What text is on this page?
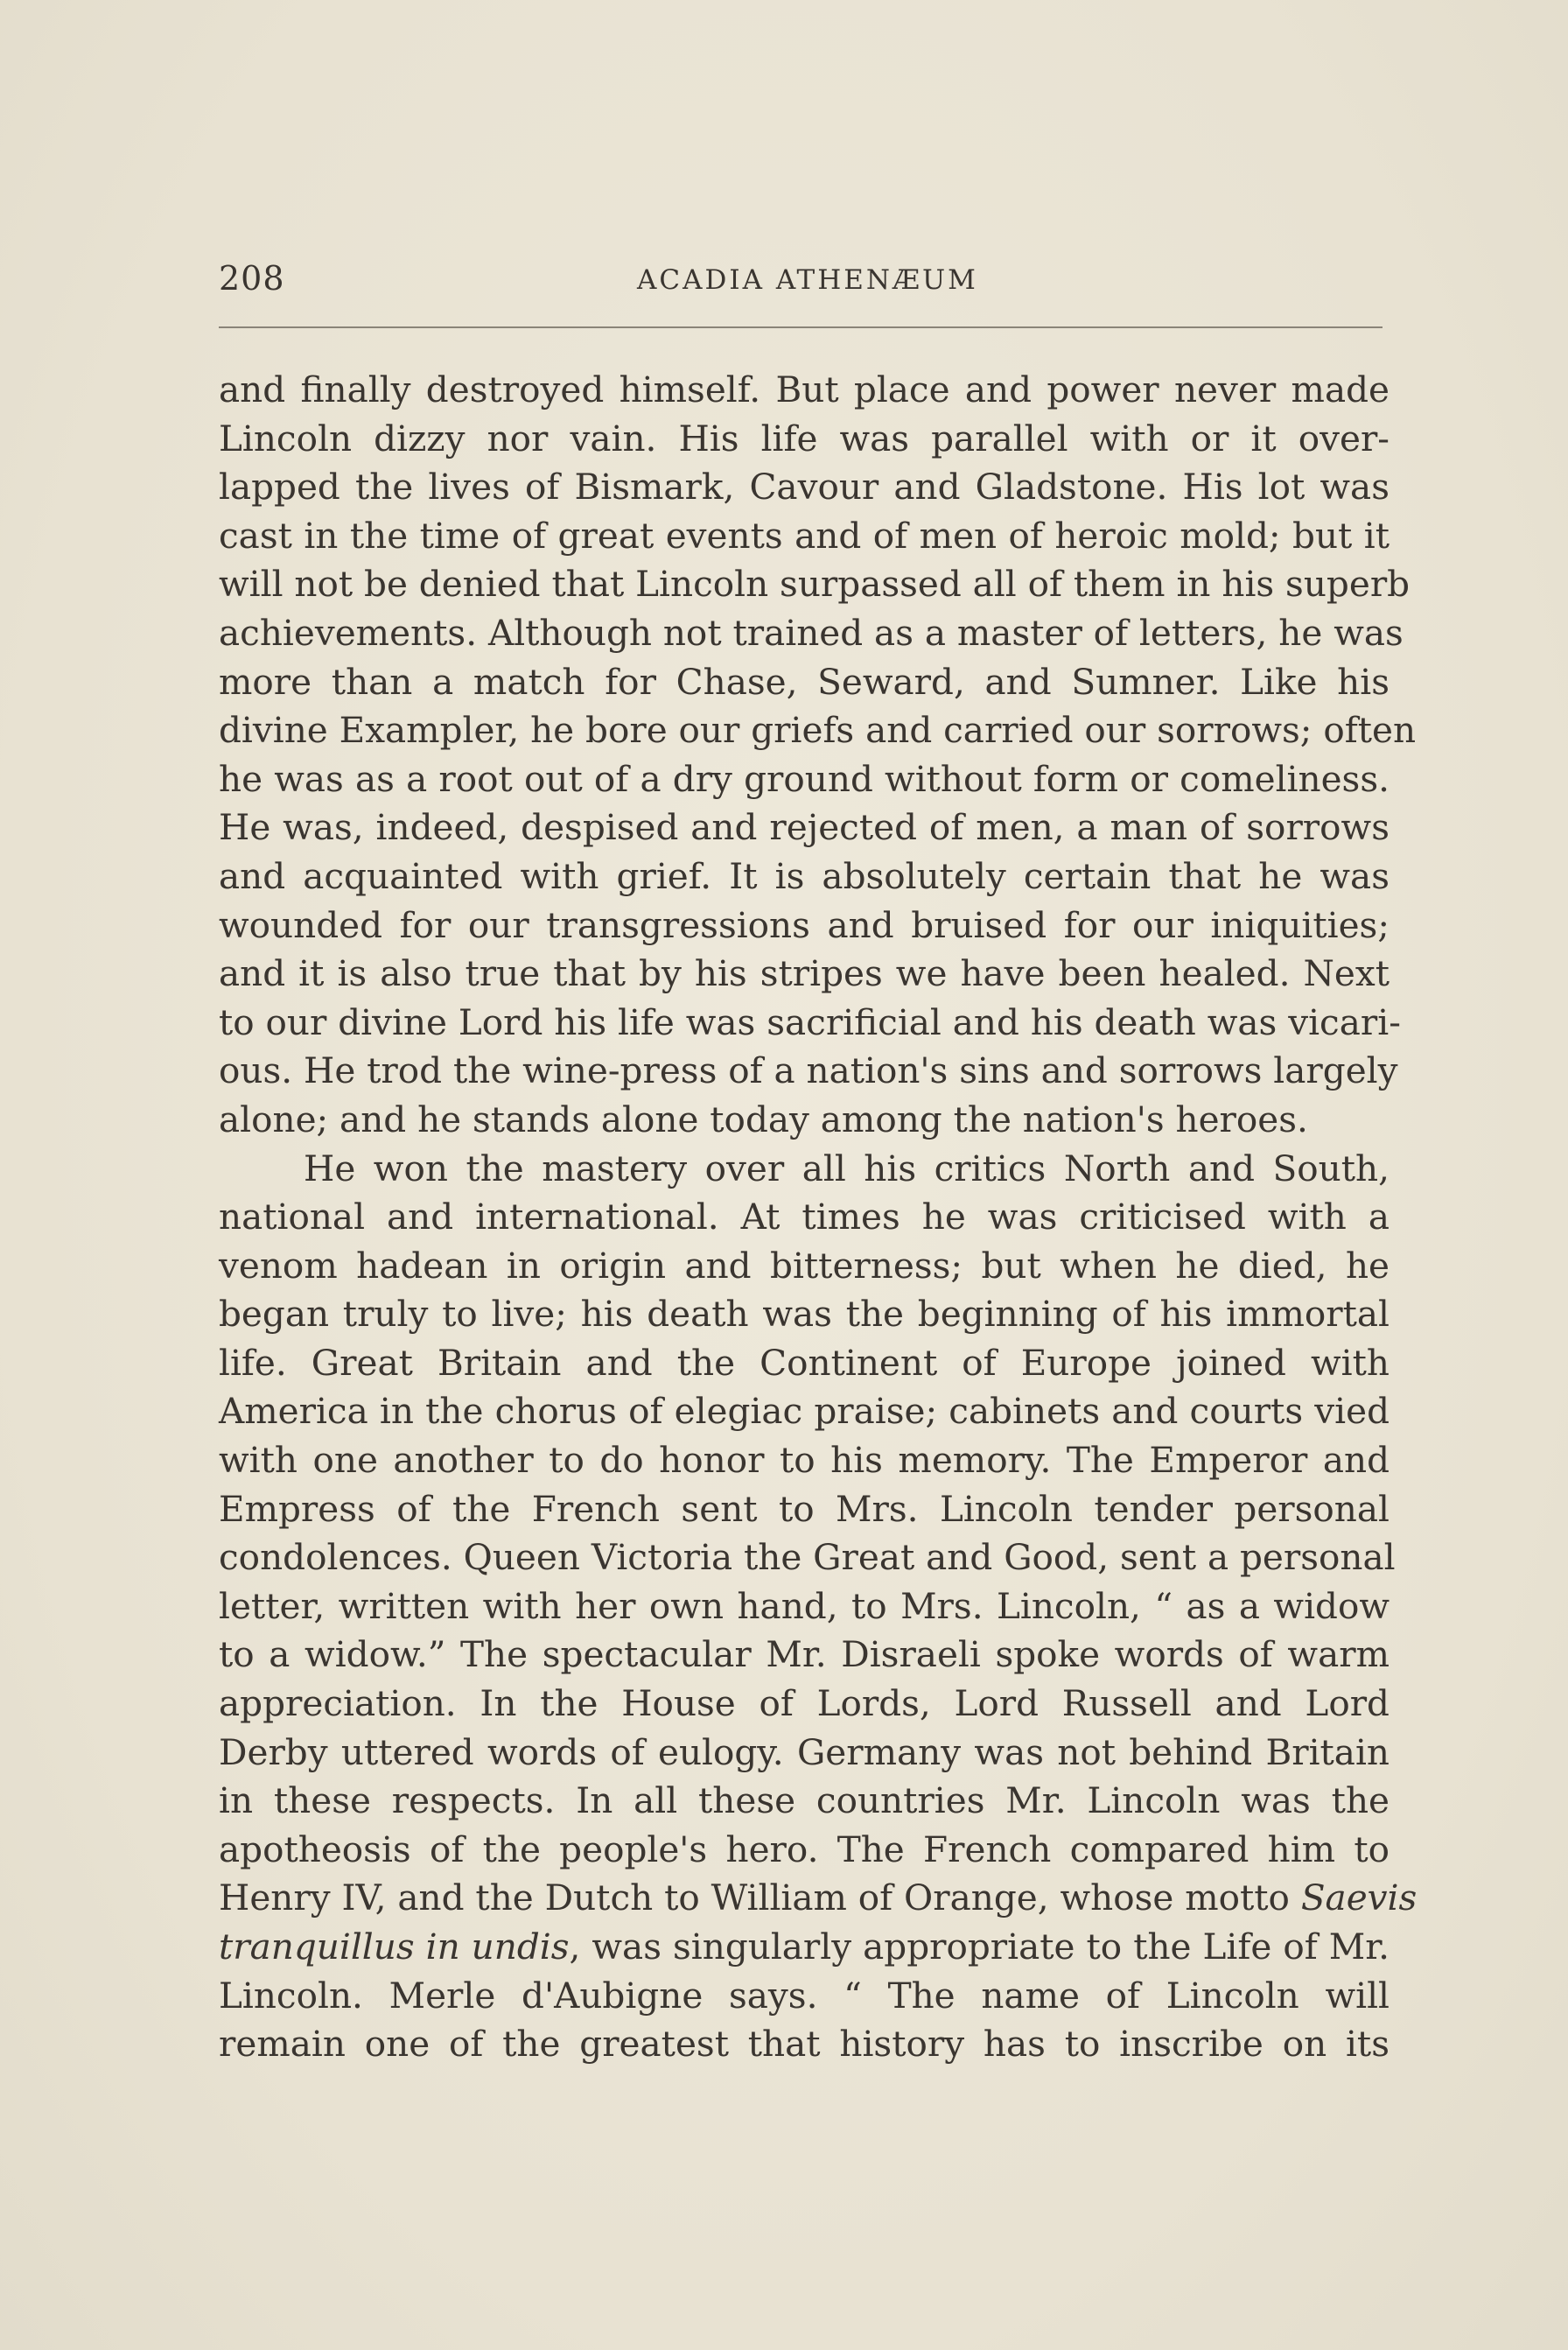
208	ACADIA ATHENÆUM
and finally destroyed himself. But place and power never made
Lincoln dizzy nor vain. His life was parallel with or it over-
lapped the lives of Bismark, Cavour and Gladstone. His lot was
cast in the time of great events and of men of heroic mold; but it
will not be denied that Lincoln surpassed all of them in his superb
achievements. Although not trained as a master of letters, he was
more than a match for Chase, Seward, and Sumner. Like his
divine Exampler, he bore our griefs and carried our sorrows; often
he was as a root out of a dry ground without form or comeliness.
He was, indeed, despised and rejected of men, a man of sorrows
and acquainted with grief. It is absolutely certain that he was
wounded for our transgressions and bruised for our iniquities;
and it is also true that by his stripes we have been healed. Next
to our divine Lord his life was sacrificial and his death was vicari-
ous. He trod the wine-press of a nation's sins and sorrows largely
alone; and he stands alone today among the nation's heroes.
He won the mastery over all his critics North and South,
national and international. At times he was criticised with a
venom hadean in origin and bitterness; but when he died, he
began truly to live; his death was the beginning of his immortal
life. Great Britain and the Continent of Europe joined with
America in the chorus of elegiac praise; cabinets and courts vied
with one another to do honor to his memory. The Emperor and
Empress of the French sent to Mrs. Lincoln tender personal
condolences. Queen Victoria the Great and Good, sent a personal
letter, written with her own hand, to Mrs. Lincoln, “ as a widow
to a widow.” The spectacular Mr. Disraeli spoke words of warm
appreciation. In the House of Lords, Lord Russell and Lord
Derby uttered words of eulogy. Germany was not behind Britain
in these respects. In all these countries Mr. Lincoln was the
apotheosis of the people's hero. The French compared him to
Henry IV, and the Dutch to William of Orange, whose motto Saevis
tranquillus in undis, was singularly appropriate to the Life of Mr.
Lincoln. Merle d'Aubigne says. “ The name of Lincoln will
remain one of the greatest that history has to inscribe on its
